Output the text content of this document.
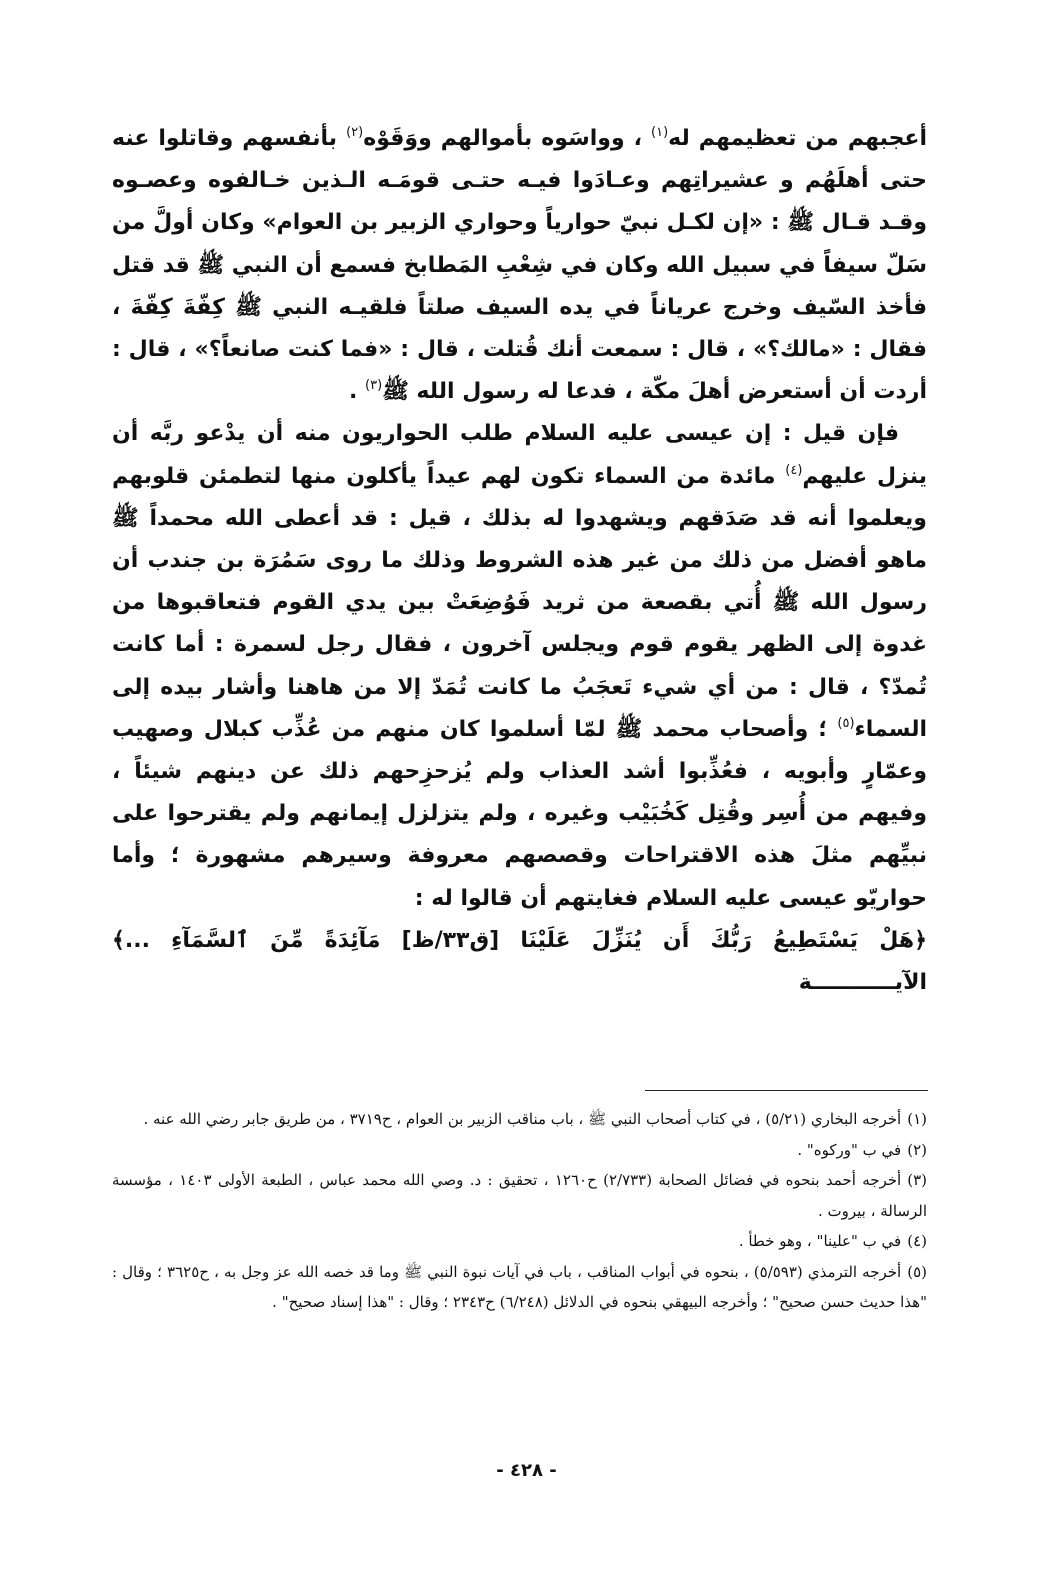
أعجبهم من تعظيمهم له$^{(١)}$ ، وواسَوه بأموالهم ووَقَوْه$^{(٢)}$ بأنفسهم وقاتلوا عنه حتى أهلَهُم و عشيراتِهم وعـادَوا فيـه حتـى قومَـه الـذين خـالفوه وعصـوه وقـد قـال ﷺ : «إن لكـل نبيّ حوارياً وحواري الزبير بن العوام» وكان أولَّ من سَلّ سيفاً في سبيل الله وكان في شِعْبِ المَطابخ فسمع أن النبي ﷺ قد قتل فأخذ السّيف وخرج عرياناً في يده السيف صلتاً فلقيـه النبي ﷺ كِفّةَ كِفّةَ ، فقال : «مالك؟» ، قال : سمعت أنك قُتلت ، قال : «فما كنت صانعاً؟» ، قال : أردت أن أستعرض أهلَ مكّة ، فدعا له رسول الله ﷺ$^{(٣)}$ .

فإن قيل : إن عيسى عليه السلام طلب الحواريون منه أن يدْعو ربَّه أن ينزل عليهم$^{(٤)}$ مائدة من السماء تكون لهم عيداً يأكلون منها لتطمئن قلوبهم ويعلموا أنه قد صَدَقهم ويشهدوا له بذلك ، قيل : قد أعطى الله محمداً ﷺ ماهو أفضل من ذلك من غير هذه الشروط وذلك ما روى سَمُرَة بن جندب أن رسول الله ﷺ أُتي بقصعة من ثريد فَوُضِعَتْ بين يدي القوم فتعاقبوها من غدوة إلى الظهر يقوم قوم ويجلس آخرون ، فقال رجل لسمرة : أما كانت تُمدّ؟ ، قال : من أي شيء تَعجَبُ ما كانت تُمَدّ إلا من هاهنا وأشار بيده إلى السماء$^{(٥)}$ ؛ وأصحاب محمد ﷺ لمّا أسلموا كان منهم من عُذِّب كبلال وصهيب وعمّارٍ وأبويه ، فعُذِّبوا أشد العذاب ولم يُزحزِحهم ذلك عن دينهم شيئاً ، وفيهم من أُسِر وقُتِل كَخُبَيْب وغيره ، ولم يتزلزل إيمانهم ولم يقترحوا على نبيِّهم مثلَ هذه الاقتراحات وقصصهم معروفة وسيرهم مشهورة ؛ وأما حواريّو عيسى عليه السلام فغايتهم أن قالوا له :

﴿هَلْ يَسْتَطِيعُ رَبُّكَ أَن يُنَزِّلَ عَلَيْنَا [ق٣٣/ظ] مَآئِدَةً مِّنَ ٱلسَّمَآءِ ...﴾ الآيـــــــــــة

(١)أخرجه البخاري (٥/٢١) ، في كتاب أصحاب النبي ﷺ ، باب مناقب الزبير بن العوام ، ح٣٧١٩ ، من طريق جابر رضي الله عنه .

(٢)في ب "وركوه" .

(٣)أخرجه أحمد بنحوه في فضائل الصحابة (٢/٧٣٣) ح١٢٦٠ ، تحقيق : د. وصي الله محمد عباس ، الطبعة الأولى ١٤٠٣ ، مؤسسة الرسالة ، بيروت .

(٤)في ب "علينا" ، وهو خطأ .

(٥)أخرجه الترمذي (٥/٥٩٣) ، بنحوه في أبواب المناقب ، باب في آيات نبوة النبي ﷺ وما قد خصه الله عز وجل به ، ح٣٦٢٥ ؛ وقال : "هذا حديث حسن صحيح" ؛ وأخرجه البيهقي بنحوه في الدلائل (٦/٢٤٨) ح٢٣٤٣ ؛ وقال : "هذا إسناد صحيح" .

- ٤٢٨ -
